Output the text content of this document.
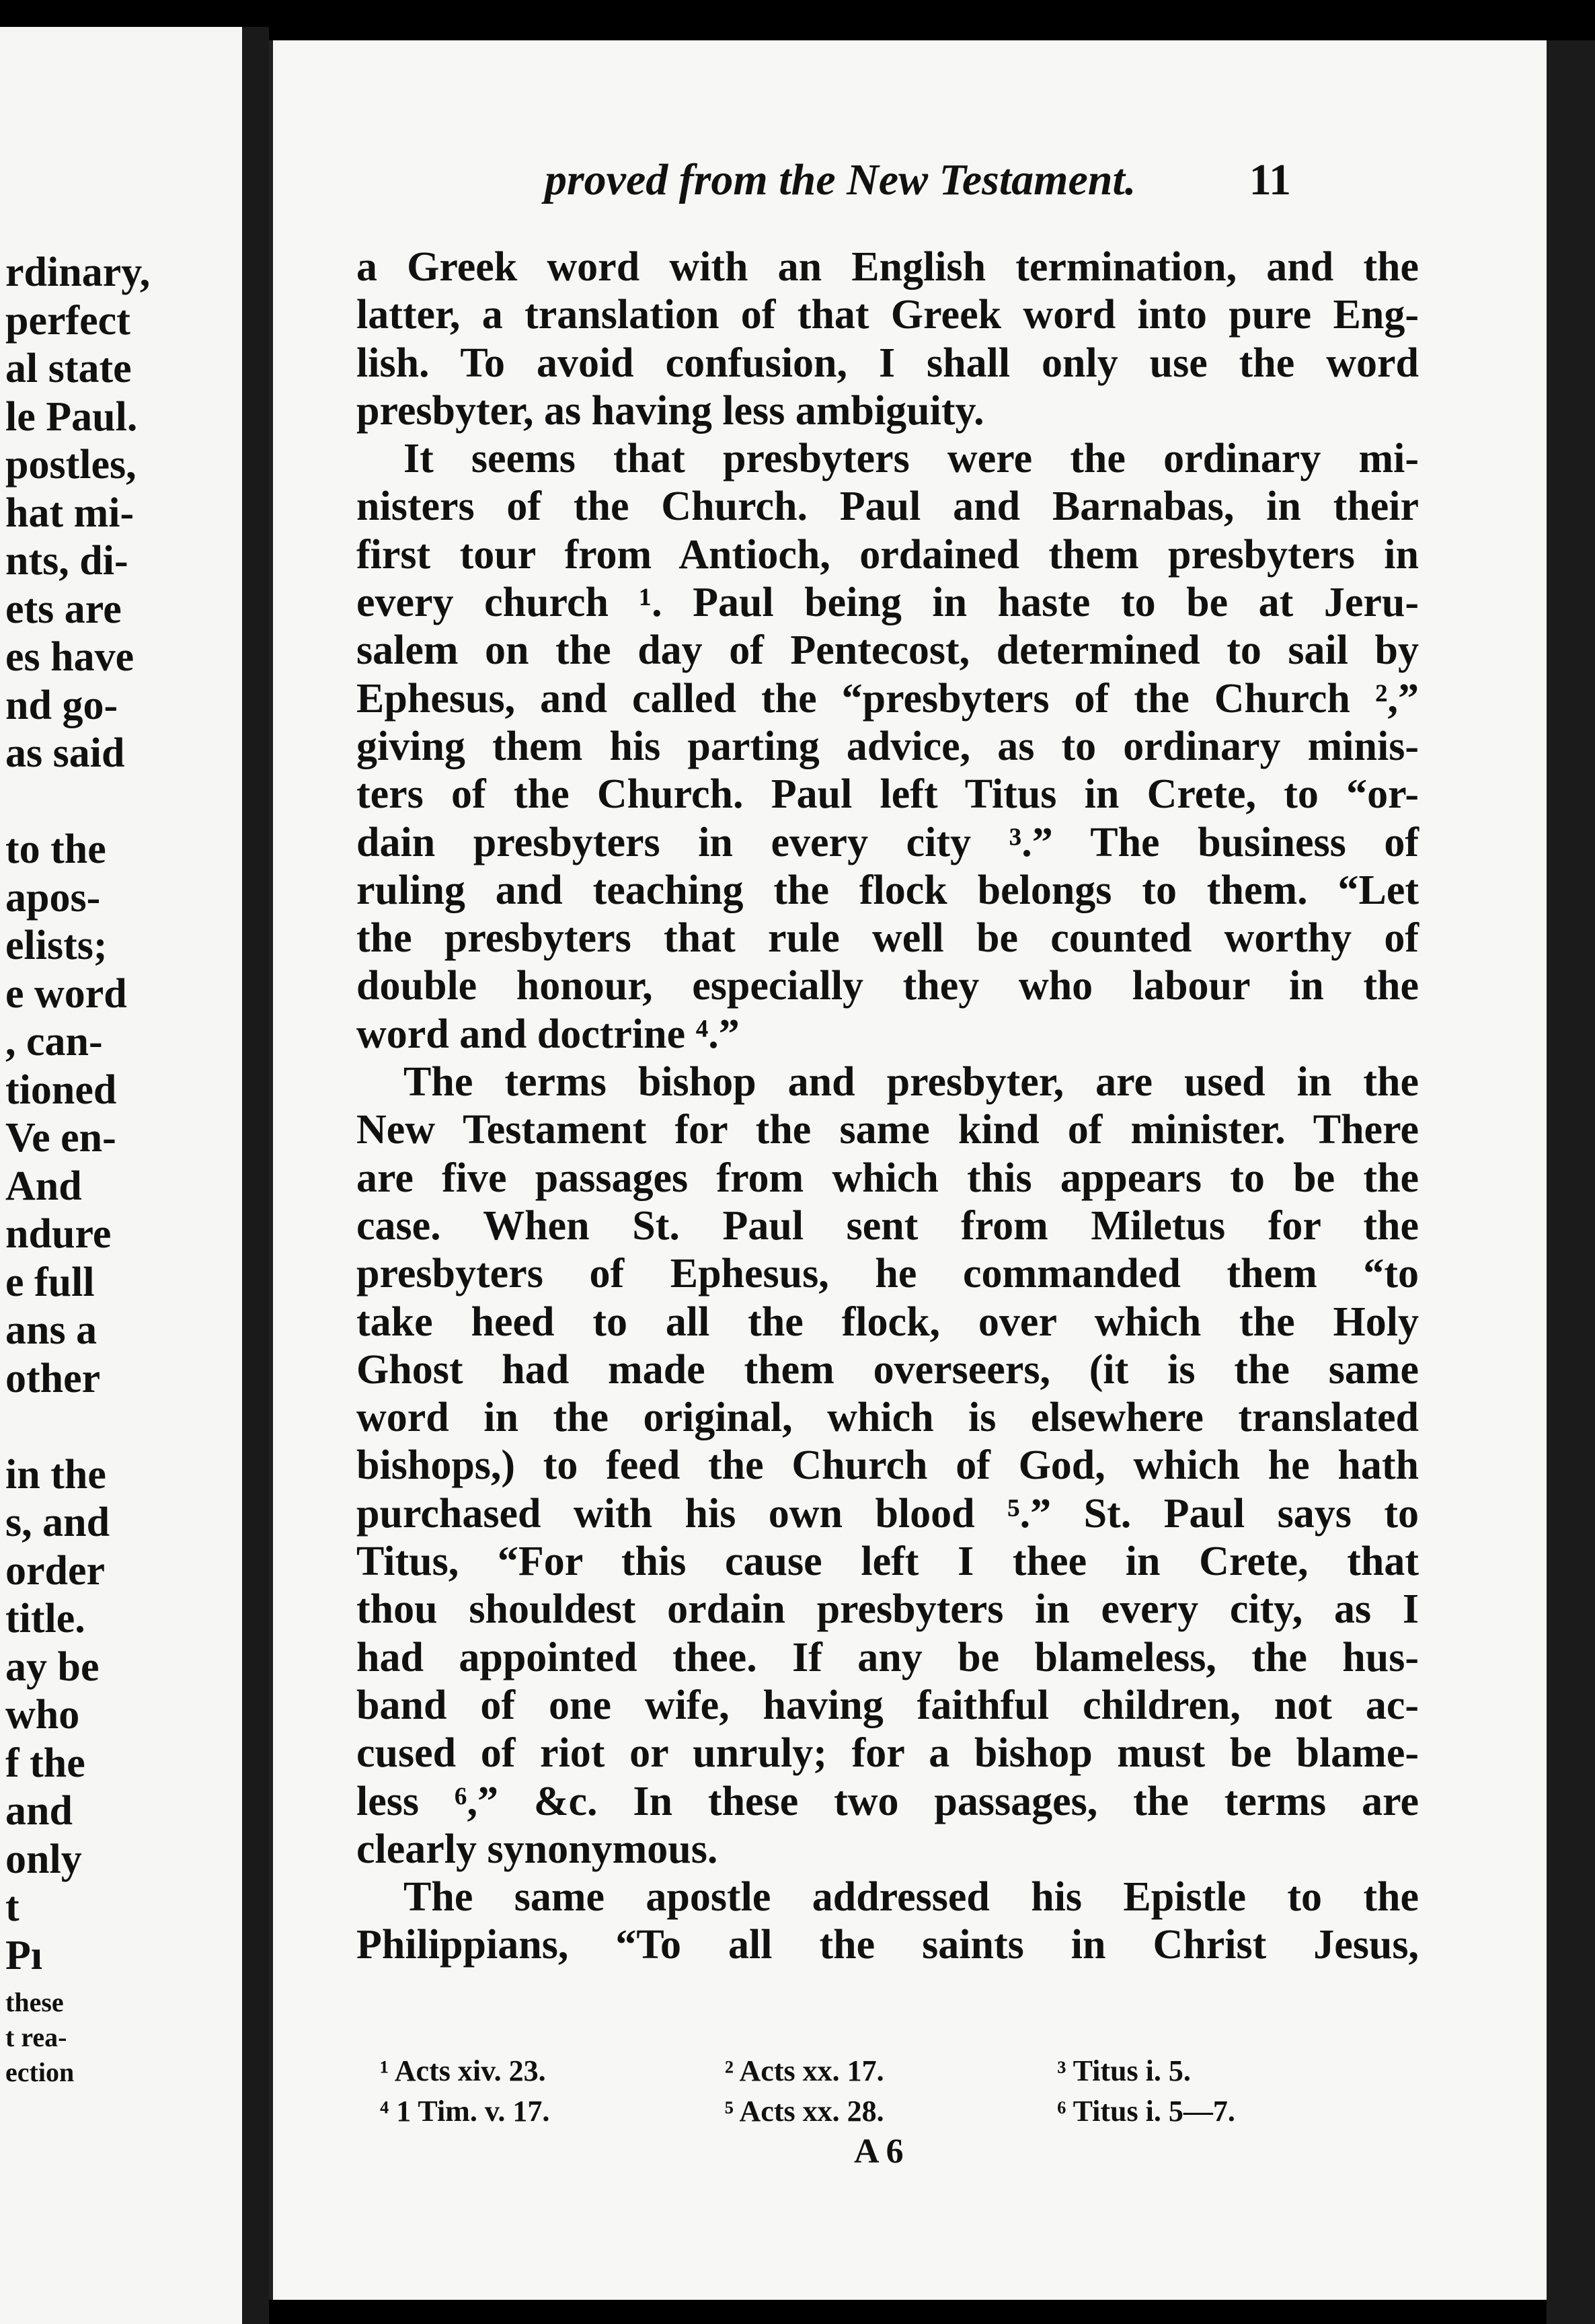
rdinary,
perfect
al state
le Paul.
postles,
hat mi-
nts, di-
ets are
es have
nd go-
as said
to the
apos-
elists;
e word
, can-
tioned
Ve en-
And
ndure
e full
ans a
other
in the
s, and
order
title.
ay be
who
f the
and
only
t
Pı
these
t rea-
ection
proved from the New Testament.	11
a Greek word with an English termination, and the
latter, a translation of that Greek word into pure Eng-
lish. To avoid confusion, I shall only use the word
presbyter, as having less ambiguity.
It seems that presbyters were the ordinary mi-
nisters of the Church. Paul and Barnabas, in their
first tour from Antioch, ordained them presbyters in
every church ¹. Paul being in haste to be at Jeru-
salem on the day of Pentecost, determined to sail by
Ephesus, and called the “presbyters of the Church ²,”
giving them his parting advice, as to ordinary minis-
ters of the Church. Paul left Titus in Crete, to “or-
dain presbyters in every city ³.” The business of
ruling and teaching the flock belongs to them. “Let
the presbyters that rule well be counted worthy of
double honour, especially they who labour in the
word and doctrine ⁴.”
The terms bishop and presbyter, are used in the
New Testament for the same kind of minister. There
are five passages from which this appears to be the
case. When St. Paul sent from Miletus for the
presbyters of Ephesus, he commanded them “to
take heed to all the flock, over which the Holy
Ghost had made them overseers, (it is the same
word in the original, which is elsewhere translated
bishops,) to feed the Church of God, which he hath
purchased with his own blood ⁵.” St. Paul says to
Titus, “For this cause left I thee in Crete, that
thou shouldest ordain presbyters in every city, as I
had appointed thee. If any be blameless, the hus-
band of one wife, having faithful children, not ac-
cused of riot or unruly; for a bishop must be blame-
less ⁶,” &c. In these two passages, the terms are
clearly synonymous.
The same apostle addressed his Epistle to the
Philippians, “To all the saints in Christ Jesus,
¹ Acts xiv. 23.	² Acts xx. 17.	³ Titus i. 5.
⁴ 1 Tim. v. 17.	⁵ Acts xx. 28.	⁶ Titus i. 5—7.
A 6
